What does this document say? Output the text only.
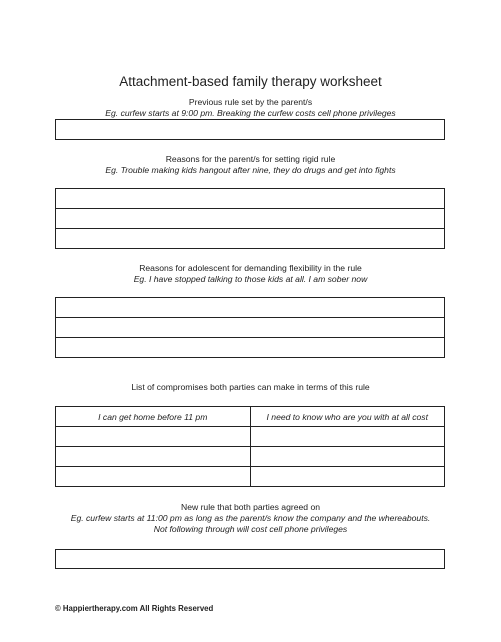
Attachment-based family therapy worksheet
Previous rule set by the parent/s
Eg. curfew starts at 9:00 pm. Breaking the curfew costs cell phone privileges
Reasons for the parent/s for setting rigid rule
Eg. Trouble making kids hangout after nine, they do drugs and get into fights
Reasons for adolescent for demanding flexibility in the rule
Eg. I have stopped talking to those kids at all. I am sober now
List of compromises both parties can make in terms of this rule
I can get home before 11 pm	I need to know who are you with at all cost
New rule that both parties agreed on
Eg. curfew starts at 11:00 pm as long as the parent/s know the company and the whereabouts.
Not following through will cost cell phone privileges
© Happiertherapy.com All Rights Reserved
